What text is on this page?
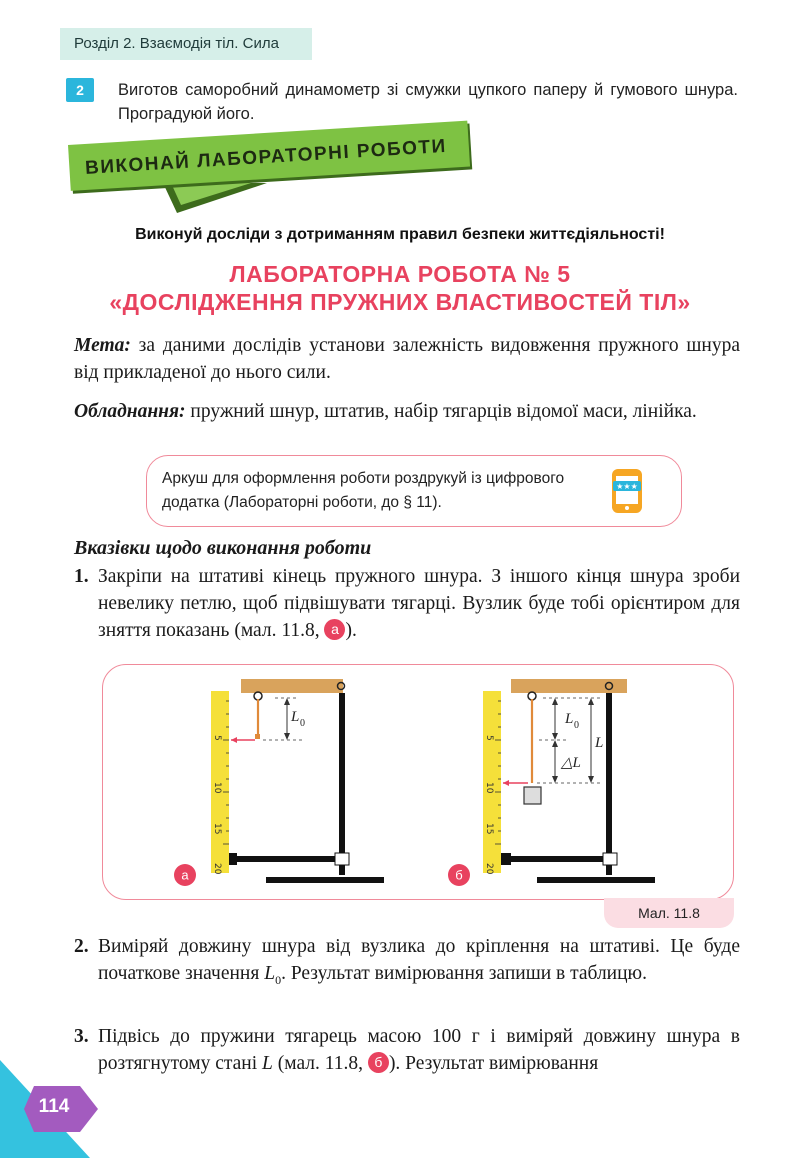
Розділ 2. Взаємодія тіл. Сила
2	Виготов саморобний динамометр зі смужки цупкого паперу й гумового шнура. Проградуюй його.
ВИКОНАЙ ЛАБОРАТОРНІ РОБОТИ
Виконуй досліди з дотриманням правил безпеки життєдіяльності!
ЛАБОРАТОРНА РОБОТА № 5
«ДОСЛІДЖЕННЯ ПРУЖНИХ ВЛАСТИВОСТЕЙ ТІЛ»
Мета: за даними дослідів установи залежність видовження пружного шнура від прикладеної до нього сили.
Обладнання: пружний шнур, штатив, набір тягарців відомої маси, лінійка.
Аркуш для оформлення роботи роздрукуй із цифрового додатка (Лабораторні роботи, до § 11).
★★★
Вказівки щодо виконання роботи
1. Закріпи на штативі кінець пружного шнура. З іншого кінця шнура зроби невелику петлю, щоб підвішувати тягарці. Вузлик буде тобі орієнтиром для зняття показань (мал. 11.8, а ).
5
10
15
20
L 0
а
5
10
15
20
L 0
△L
L
б
Мал. 11.8
2. Виміряй довжину шнура від вузлика до кріплення на штативі. Це буде початкове значення $L_0$. Результат вимірювання запиши в таблицю.
3. Підвісь до пружини тягарець масою 100 г і виміряй довжину шнура в розтягнутому стані L (мал. 11.8, б ). Результат вимірювання
114
